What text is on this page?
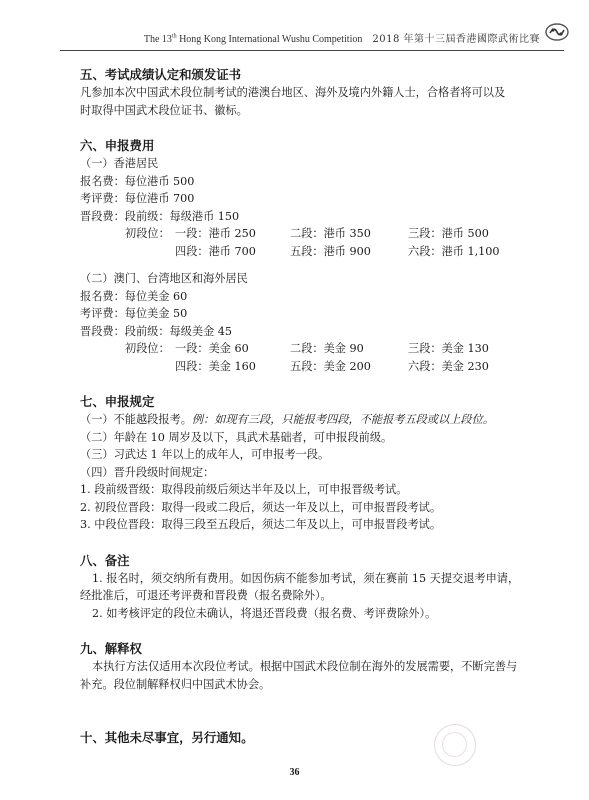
The 13th Hong Kong International Wushu Competition 2018 年第十三屆香港國際武術比賽
五、考试成绩认定和颁发证书

凡参加本次中国武术段位制考试的港澳台地区、海外及境内外籍人士，合格者将可以及
时取得中国武术段位证书、徽标。

六、申报费用
（一）香港居民
报名费：每位港币 500
考评费：每位港币 700
晋段费：段前级：每级港币 150
初段位： 一段：港币 250	二段：港币 350	三段：港币 500
四段：港币 700	五段：港币 900	六段：港币 1,100
（二）澳门、台湾地区和海外居民
报名费：每位美金 60
考评费：每位美金 50
晋段费：段前级：每级美金 45
初段位： 一段：美金 60	二段：美金 90	三段：美金 130
四段：美金 160	五段：美金 200	六段：美金 230
七、申报规定
（一）不能越段报考。例：如现有三段，只能报考四段，不能报考五段或以上段位。
（二）年龄在 10 周岁及以下，具武术基础者，可申报段前级。
（三）习武达 1 年以上的成年人，可申报考一段。
（四）晋升段级时间规定：
1. 段前级晋级：取得段前级后须达半年及以上，可申报晋级考试。
2. 初段位晋段：取得一段或二段后，须达一年及以上，可申报晋段考试。
3. 中段位晋段：取得三段至五段后，须达二年及以上，可申报晋段考试。
八、备注
1. 报名时，须交纳所有费用。如因伤病不能参加考试，须在赛前 15 天提交退考申请，
经批准后，可退还考评费和晋段费（报名费除外）。
2. 如考核评定的段位未确认，将退还晋段费（报名费、考评费除外）。
九、解释权
本执行方法仅适用本次段位考试。根据中国武术段位制在海外的发展需要，不断完善与
补充。段位制解释权归中国武术协会。
十、其他未尽事宜，另行通知。
36
